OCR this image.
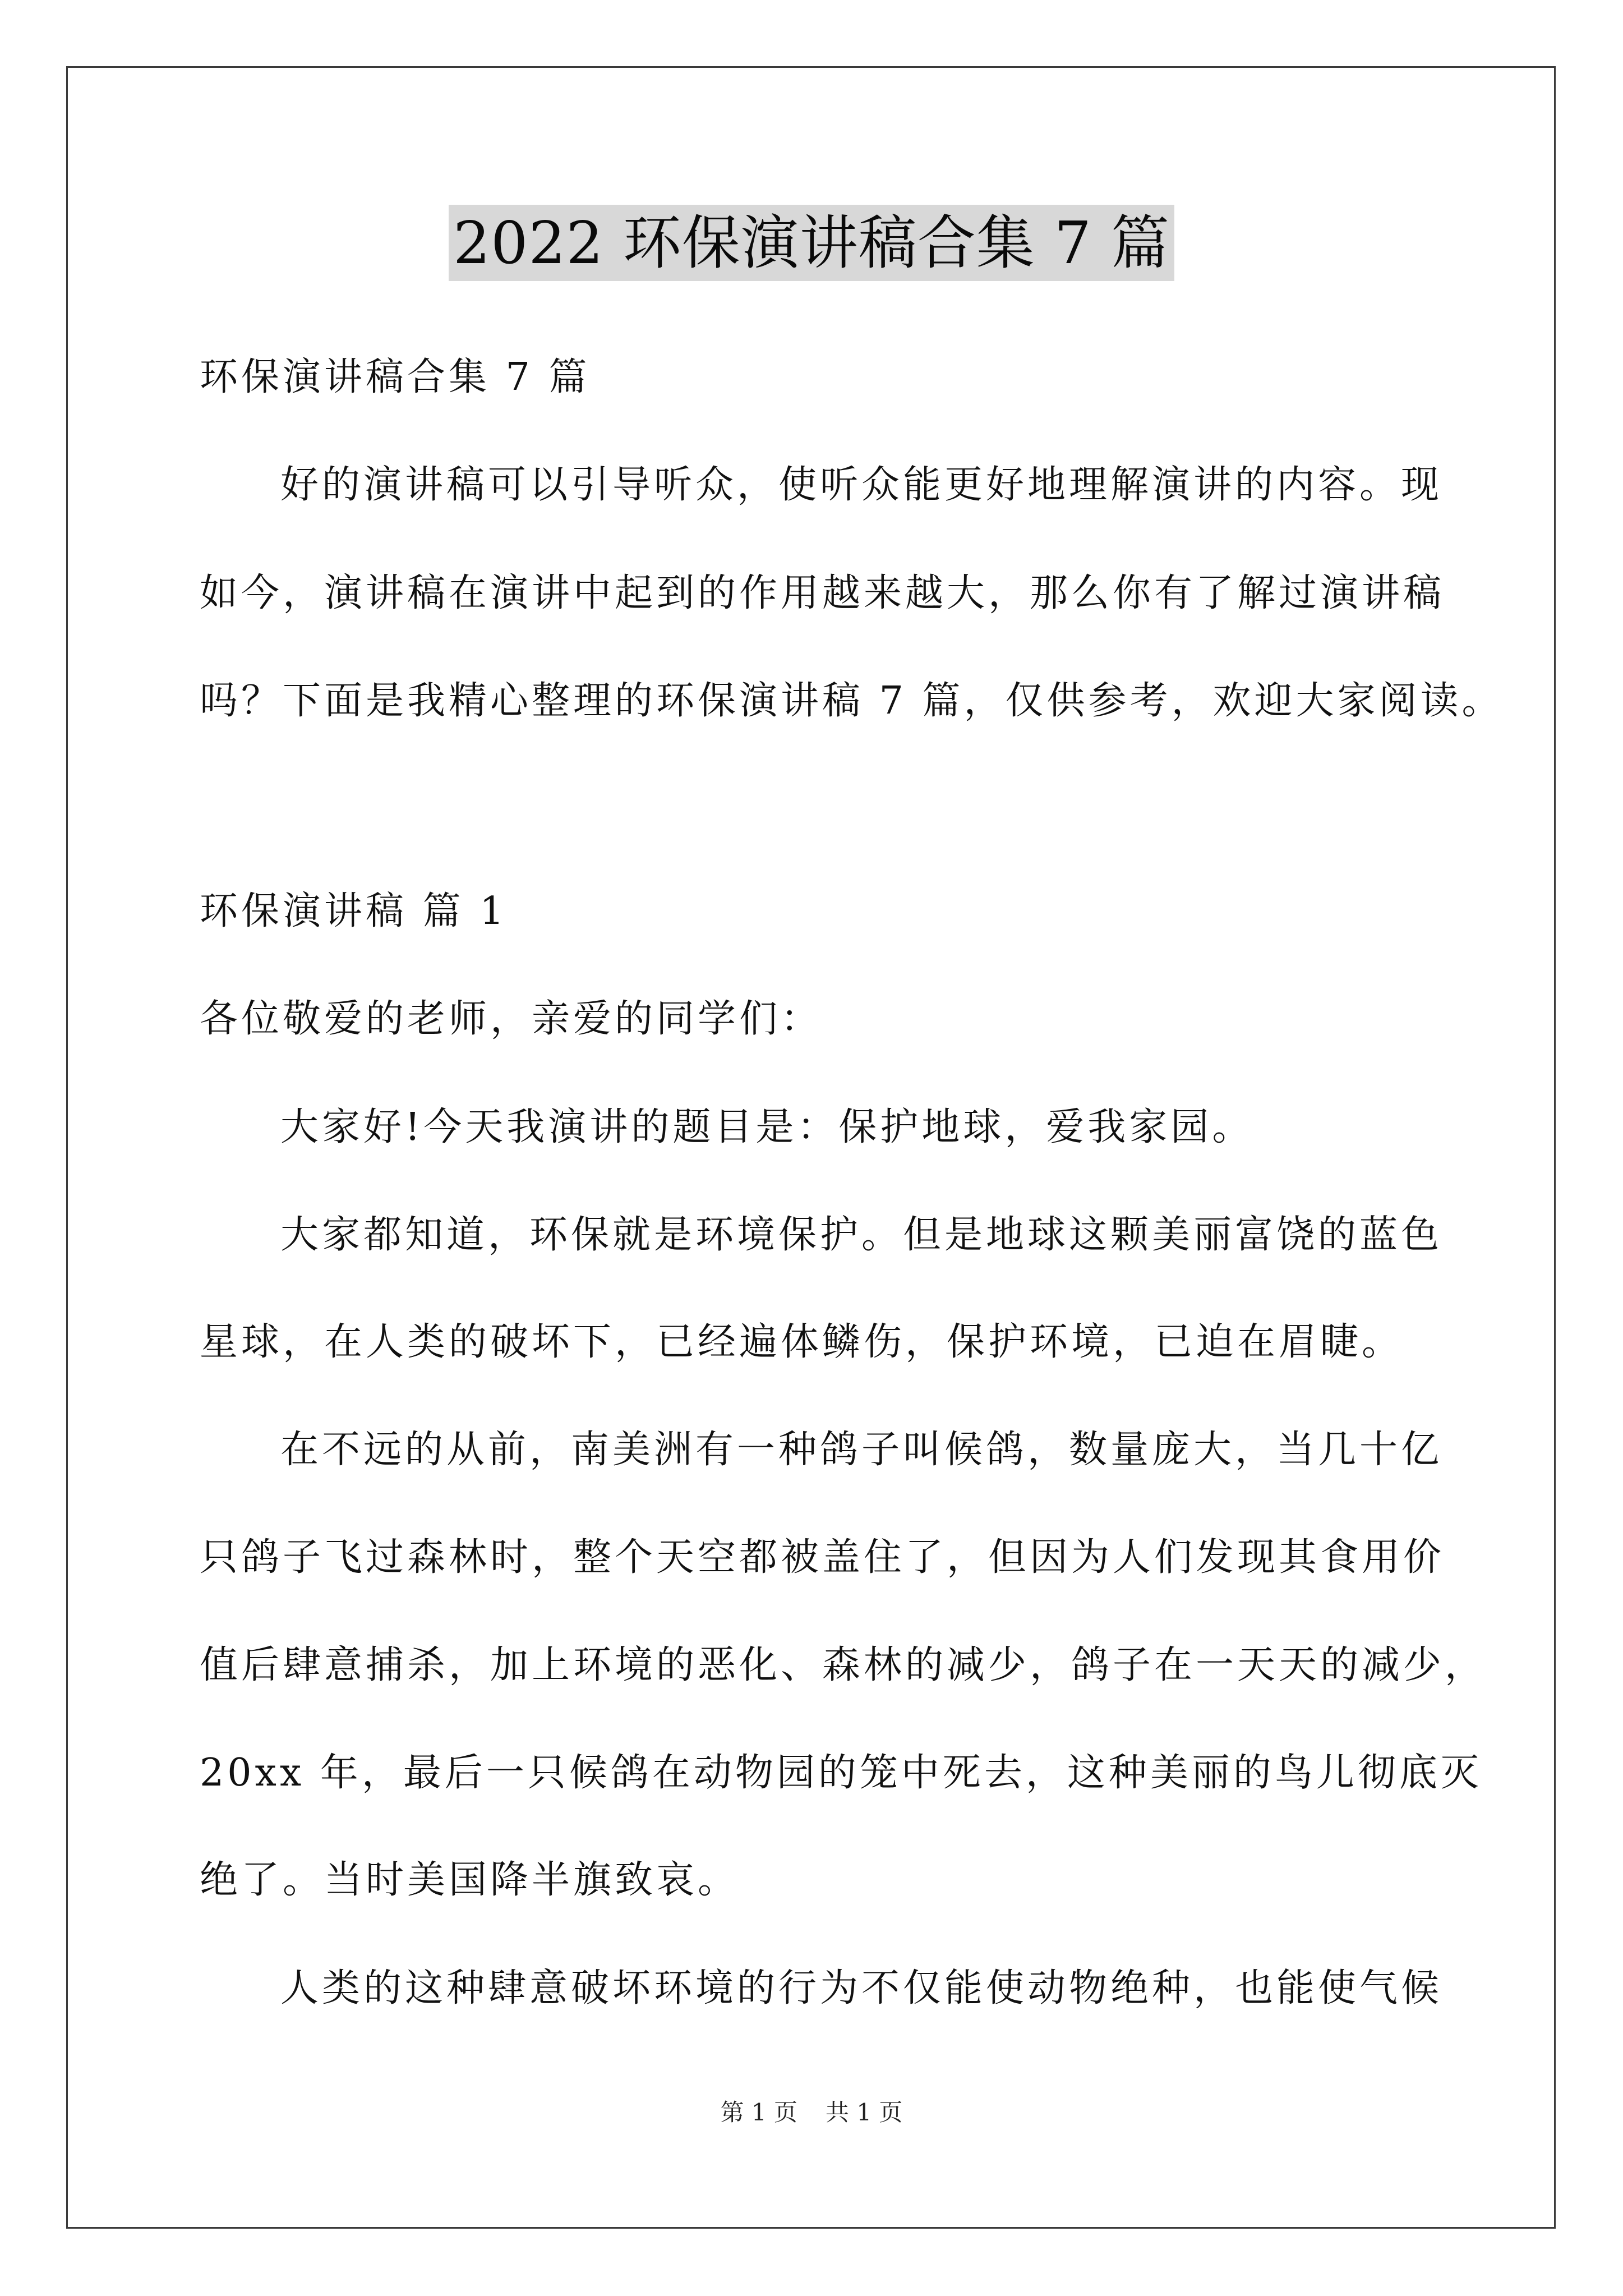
2022 环保演讲稿合集 7 篇
环保演讲稿合集 7 篇
好的演讲稿可以引导听众，使听众能更好地理解演讲的内容。现
如今，演讲稿在演讲中起到的作用越来越大，那么你有了解过演讲稿
吗？下面是我精心整理的环保演讲稿 7 篇，仅供参考，欢迎大家阅读。
环保演讲稿 篇 1
各位敬爱的老师，亲爱的同学们：
大家好!今天我演讲的题目是：保护地球，爱我家园。
大家都知道，环保就是环境保护。但是地球这颗美丽富饶的蓝色
星球，在人类的破坏下，已经遍体鳞伤，保护环境，已迫在眉睫。
在不远的从前，南美洲有一种鸽子叫候鸽，数量庞大，当几十亿
只鸽子飞过森林时，整个天空都被盖住了，但因为人们发现其食用价
值后肆意捕杀，加上环境的恶化、森林的减少，鸽子在一天天的减少，
20xx 年，最后一只候鸽在动物园的笼中死去，这种美丽的鸟儿彻底灭
绝了。当时美国降半旗致哀。
人类的这种肆意破坏环境的行为不仅能使动物绝种，也能使气候
第 1 页 共 1 页
